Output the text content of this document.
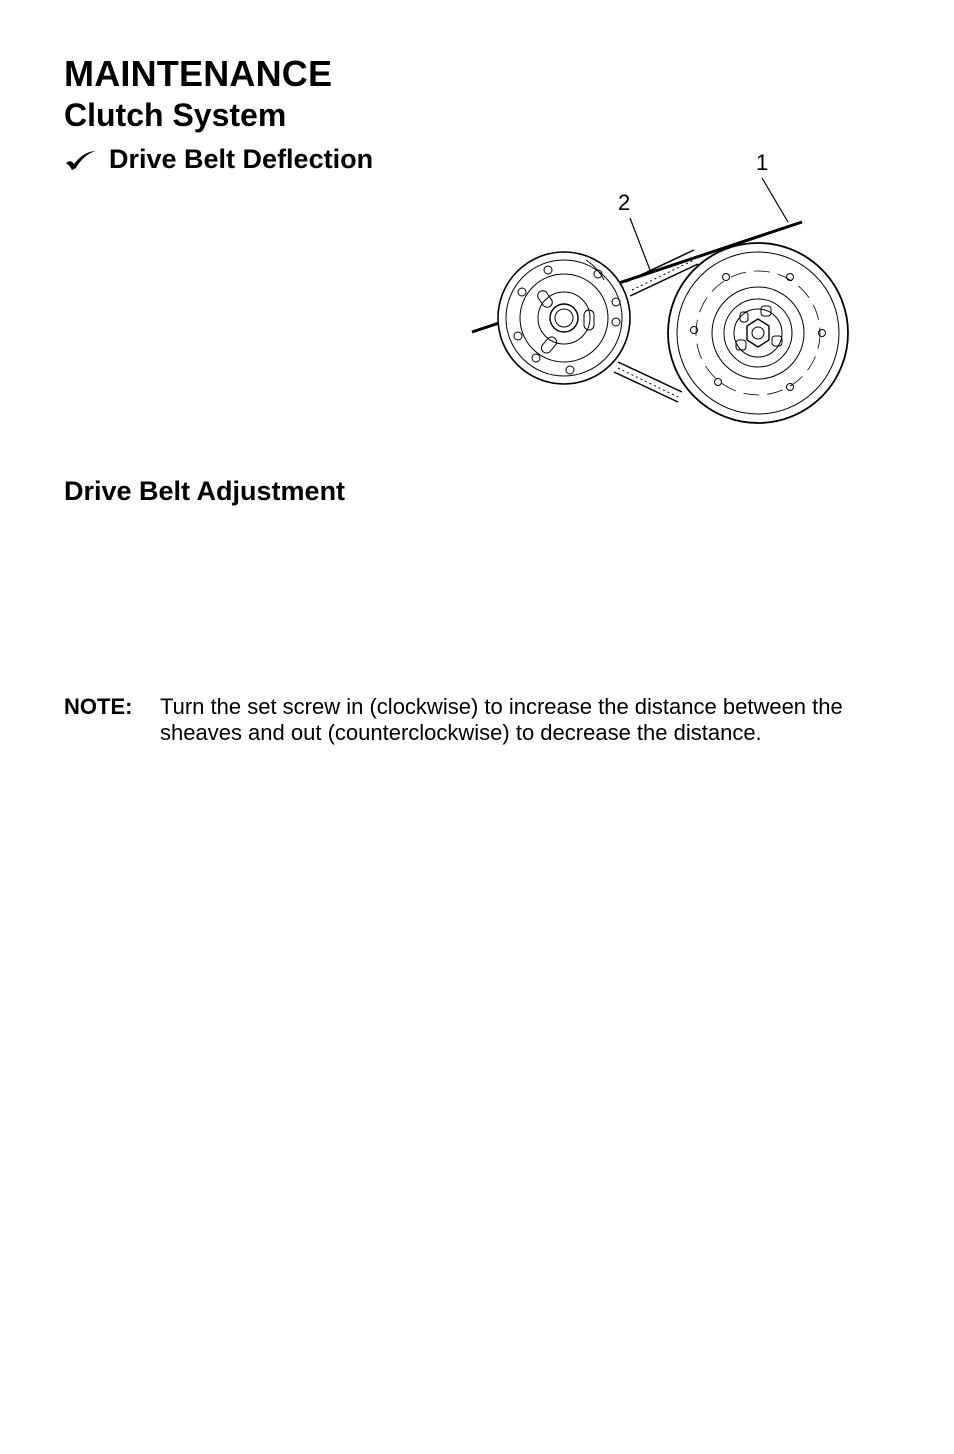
MAINTENANCE
Clutch System
Drive Belt Deflection	1
2
Drive Belt Adjustment
NOTE: Turn the set screw in (clockwise) to increase the distance between the sheaves and out (counterclockwise) to decrease the distance.
